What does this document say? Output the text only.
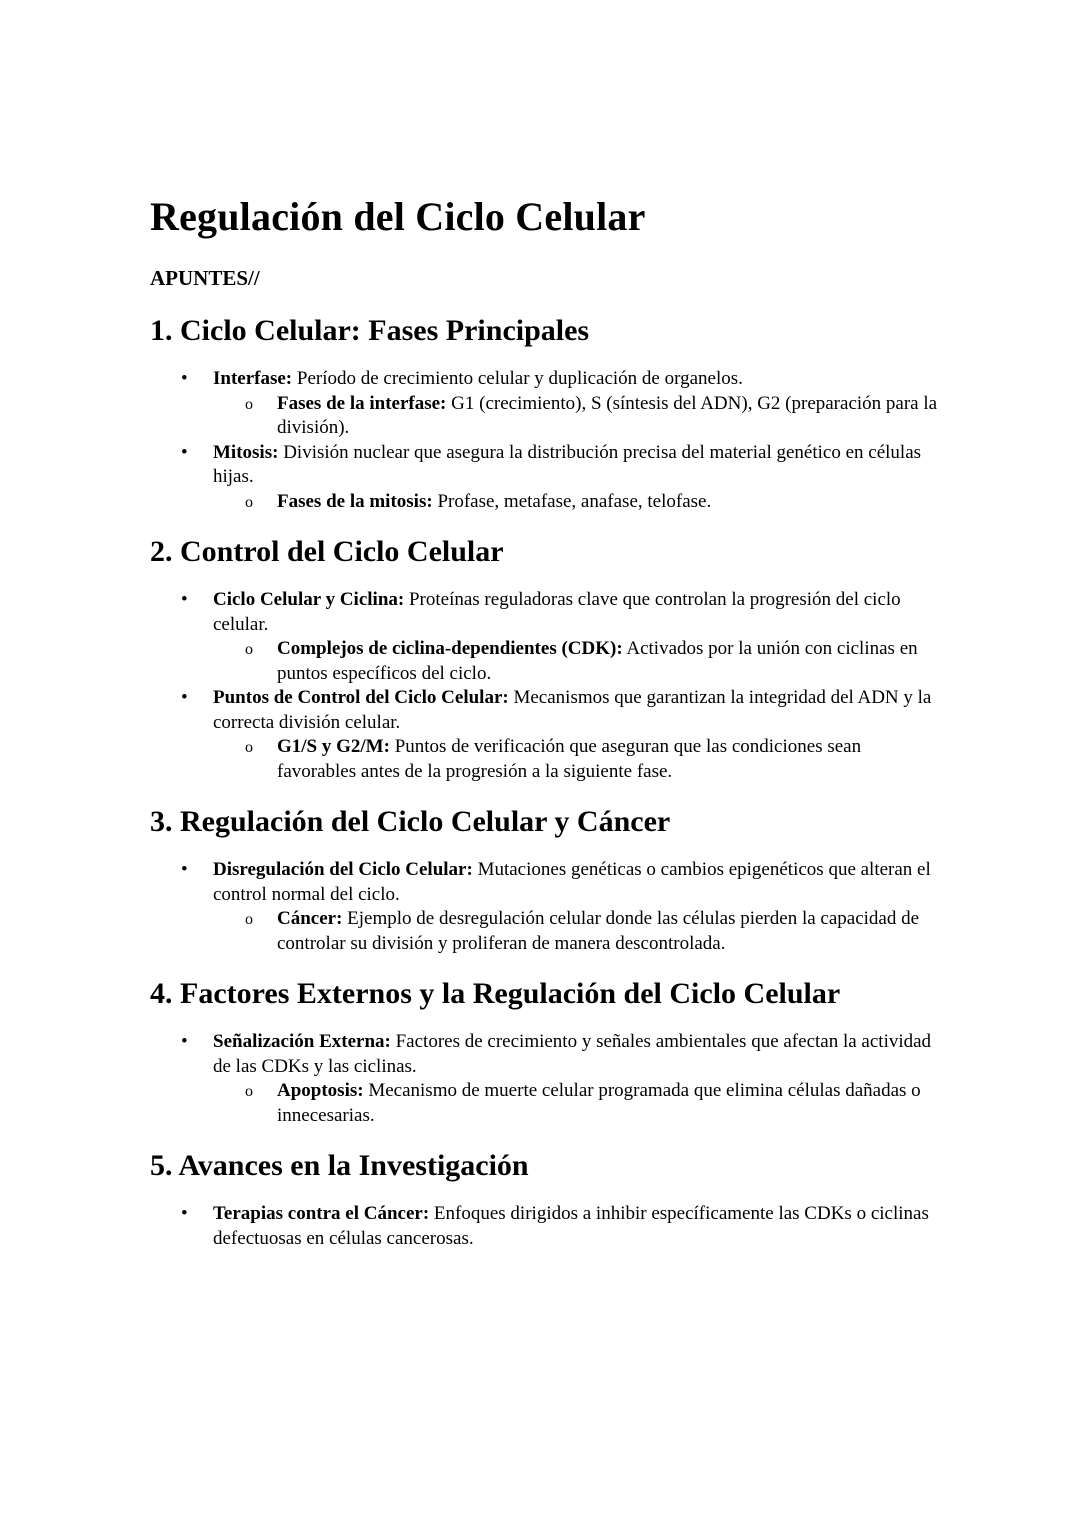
Regulación del Ciclo Celular
APUNTES//
1. Ciclo Celular: Fases Principales
• Interfase: Período de crecimiento celular y duplicación de organelos.
o Fases de la interfase: G1 (crecimiento), S (síntesis del ADN), G2 (preparación para la división).
• Mitosis: División nuclear que asegura la distribución precisa del material genético en células hijas.
o Fases de la mitosis: Profase, metafase, anafase, telofase.
2. Control del Ciclo Celular
• Ciclo Celular y Ciclina: Proteínas reguladoras clave que controlan la progresión del ciclo celular.
o Complejos de ciclina-dependientes (CDK): Activados por la unión con ciclinas en puntos específicos del ciclo.
• Puntos de Control del Ciclo Celular: Mecanismos que garantizan la integridad del ADN y la correcta división celular.
o G1/S y G2/M: Puntos de verificación que aseguran que las condiciones sean favorables antes de la progresión a la siguiente fase.
3. Regulación del Ciclo Celular y Cáncer
• Disregulación del Ciclo Celular: Mutaciones genéticas o cambios epigenéticos que alteran el control normal del ciclo.
o Cáncer: Ejemplo de desregulación celular donde las células pierden la capacidad de controlar su división y proliferan de manera descontrolada.
4. Factores Externos y la Regulación del Ciclo Celular
• Señalización Externa: Factores de crecimiento y señales ambientales que afectan la actividad de las CDKs y las ciclinas.
o Apoptosis: Mecanismo de muerte celular programada que elimina células dañadas o innecesarias.
5. Avances en la Investigación
• Terapias contra el Cáncer: Enfoques dirigidos a inhibir específicamente las CDKs o ciclinas defectuosas en células cancerosas.
